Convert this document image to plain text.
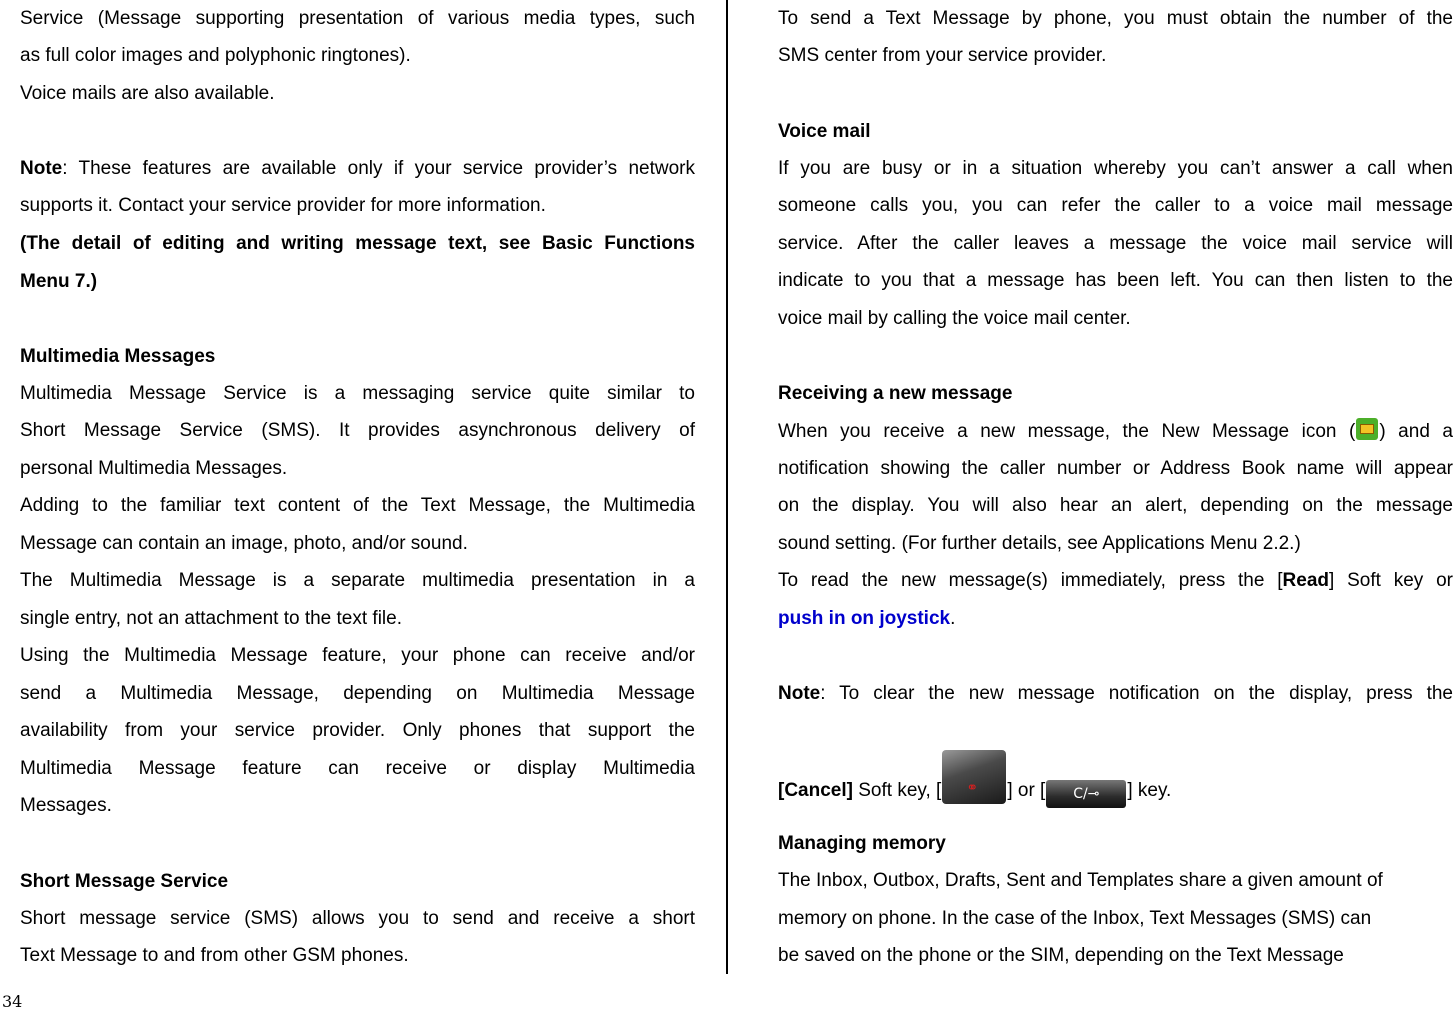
Service (Message supporting presentation of various media types, such
as full color images and polyphonic ringtones).
Voice mails are also available.
Note: These features are available only if your service provider’s network
supports it. Contact your service provider for more information.
(The detail of editing and writing message text, see Basic Functions
Menu 7.)
Multimedia Messages
Multimedia Message Service is a messaging service quite similar to
Short Message Service (SMS). It provides asynchronous delivery of
personal Multimedia Messages.
Adding to the familiar text content of the Text Message, the Multimedia
Message can contain an image, photo, and/or sound.
The Multimedia Message is a separate multimedia presentation in a
single entry, not an attachment to the text file.
Using the Multimedia Message feature, your phone can receive and/or
send a Multimedia Message, depending on Multimedia Message
availability from your service provider. Only phones that support the
Multimedia Message feature can receive or display Multimedia
Messages.
Short Message Service
Short message service (SMS) allows you to send and receive a short
Text Message to and from other GSM phones.
To send a Text Message by phone, you must obtain the number of the
SMS center from your service provider.
Voice mail
If you are busy or in a situation whereby you can’t answer a call when
someone calls you, you can refer the caller to a voice mail message
service. After the caller leaves a message the voice mail service will
indicate to you that a message has been left. You can then listen to the
voice mail by calling the voice mail center.
Receiving a new message
When you receive a new message, the New Message icon ( ) and a
notification showing the caller number or Address Book name will appear
on the display. You will also hear an alert, depending on the message
sound setting. (For further details, see Applications Menu 2.2.)
To read the new message(s) immediately, press the [Read] Soft key or
push in on joystick.
Note: To clear the new message notification on the display, press the
[Cancel] Soft key, [ ⚭ ] or [ C/⊸ ] key.
Managing memory
The Inbox, Outbox, Drafts, Sent and Templates share a given amount of
memory on phone. In the case of the Inbox, Text Messages (SMS) can
be saved on the phone or the SIM, depending on the Text Message
34
